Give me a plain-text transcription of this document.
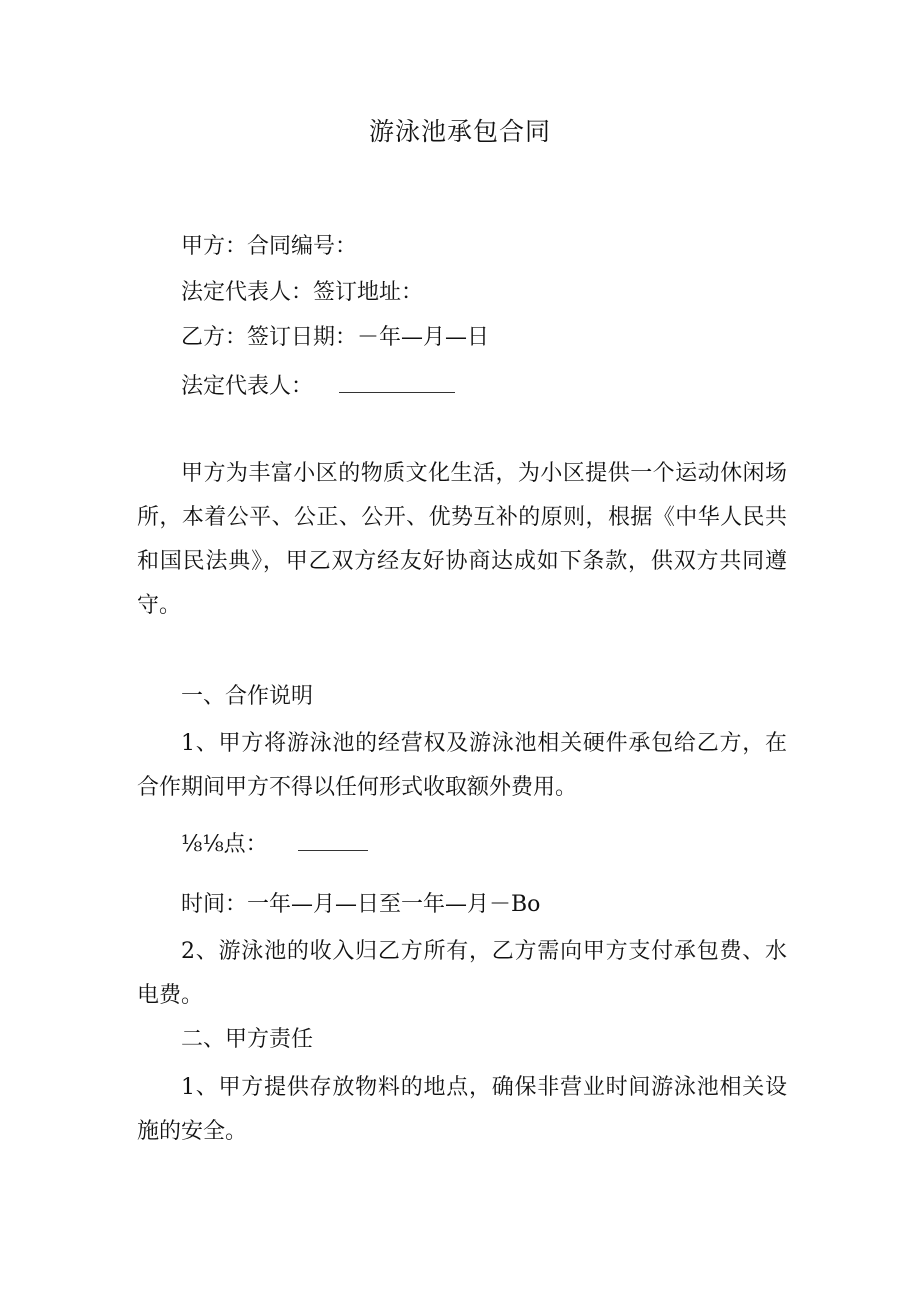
游泳池承包合同
甲方：合同编号：
法定代表人：签订地址：
乙方：签订日期：－年—月—日
法定代表人：

甲方为丰富小区的物质文化生活，为小区提供一个运动休闲场所，本着公平、公正、公开、优势互补的原则，根据《中华人民共和国民法典》，甲乙双方经友好协商达成如下条款，供双方共同遵守。

一、合作说明

1、甲方将游泳池的经营权及游泳池相关硬件承包给乙方，在合作期间甲方不得以任何形式收取额外费用。

⅛⅛点：
时间：一年—月—日至一年—月－Bo

2、游泳池的收入归乙方所有，乙方需向甲方支付承包费、水电费。

二、甲方责任

1、甲方提供存放物料的地点，确保非营业时间游泳池相关设施的安全。
